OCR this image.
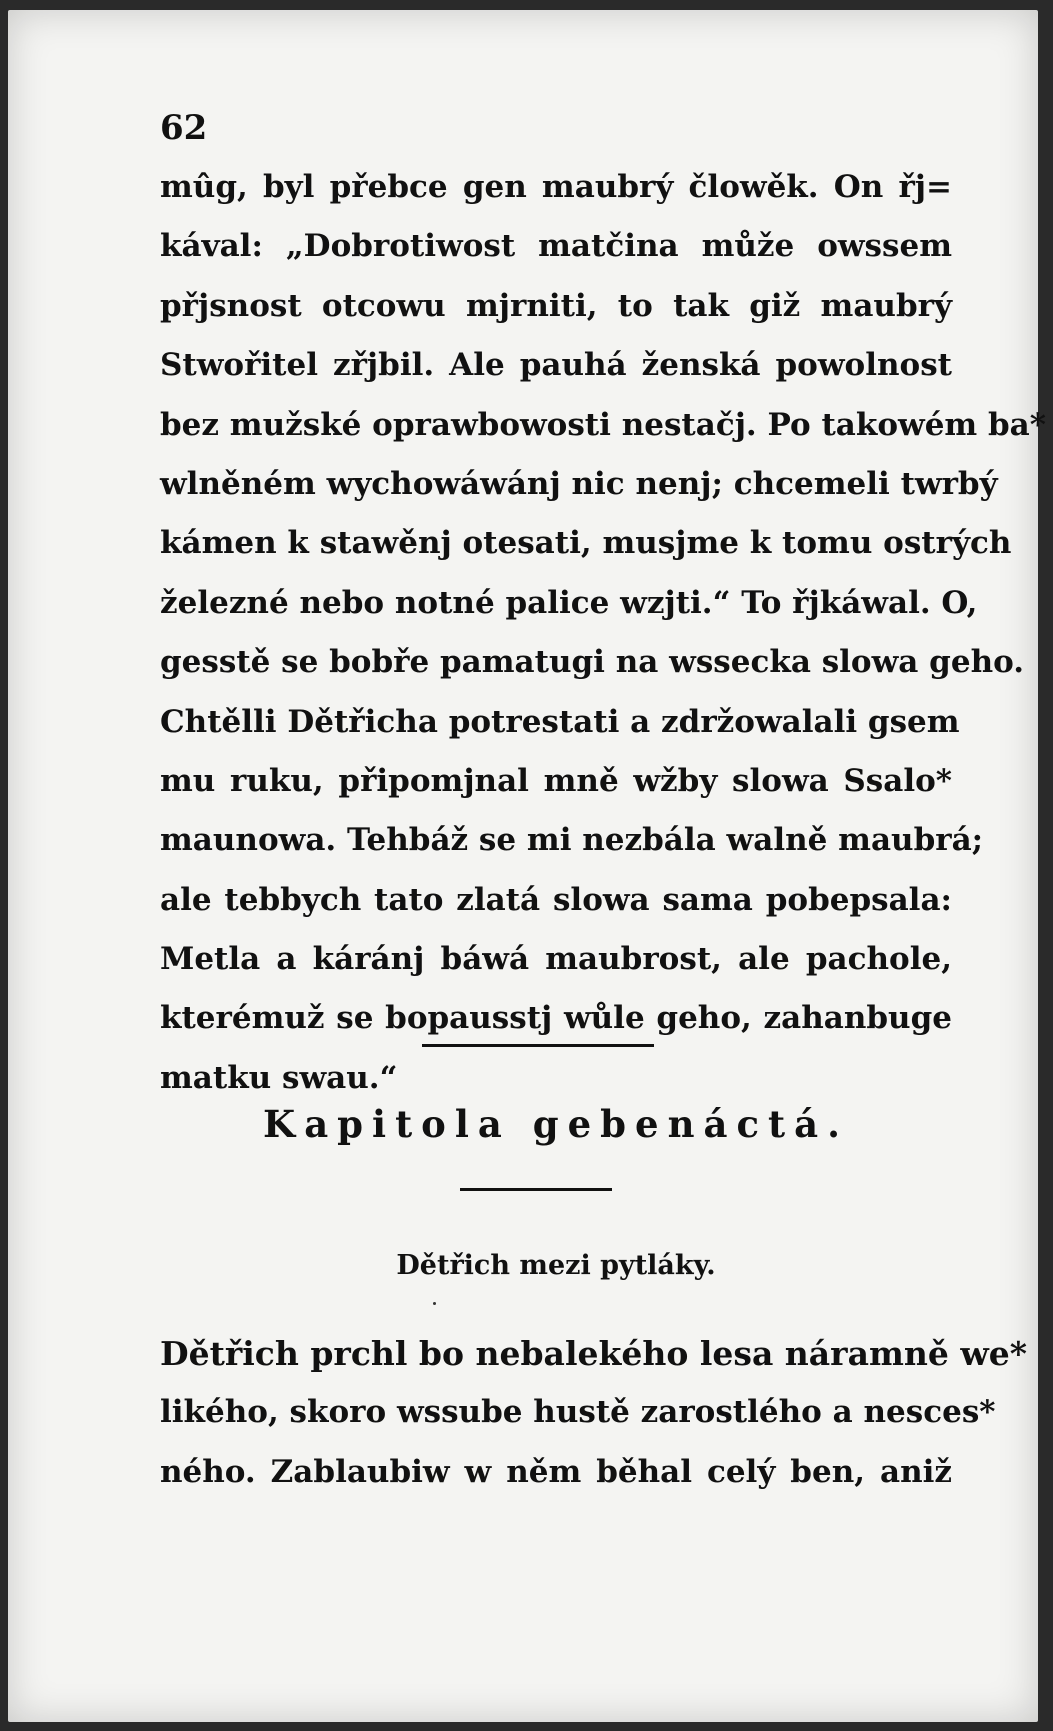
62
mûg, byl přebce gen maubrý člowěk. On řj=
kával: „Dobrotiwost matčina může owssem
přjsnost otcowu mjrniti, to tak giž maubrý
Stwořitel zřjbil. Ale pauhá ženská powolnost
bez mužské oprawbowosti nestačj. Po takowém ba*
wlněném wychowáwánj nic nenj; chcemeli twrbý
kámen k stawěnj otesati, musjme k tomu ostrých
železné nebo notné palice wzjti.“ To řjkáwal. O,
gesstě se bobře pamatugi na wssecka slowa geho.
Chtělli Dětřicha potrestati a zdržowalali gsem
mu ruku, připomjnal mně wžby slowa Ssalo*
maunowa. Tehbáž se mi nezbála walně maubrá;
ale tebbych tato zlatá slowa sama pobepsala:
Metla a káránj báwá maubrost, ale pachole,
kterémuž se bopausstj wůle geho, zahanbuge
matku swau.“
Kapitola gebenáctá.
Dětřich mezi pytláky.
Dětřich prchl bo nebalekého lesa náramně we*
likého, skoro wssube hustě zarostlého a nesces*
ného. Zablaubiw w něm běhal celý ben, aniž
